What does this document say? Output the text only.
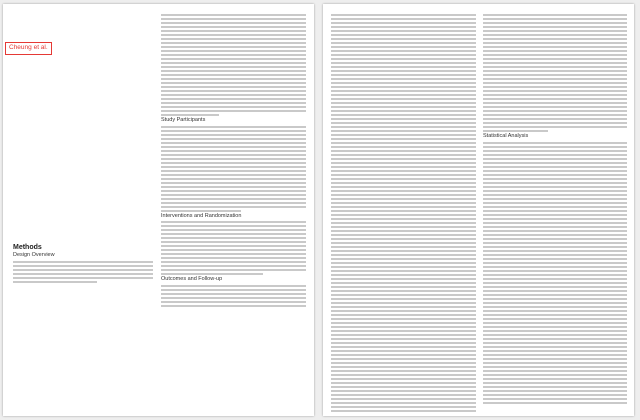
Cheung et al.
Methods
Design Overview
Study Participants
Interventions and Randomization
Outcomes and Follow-up
Statistical Analysis
